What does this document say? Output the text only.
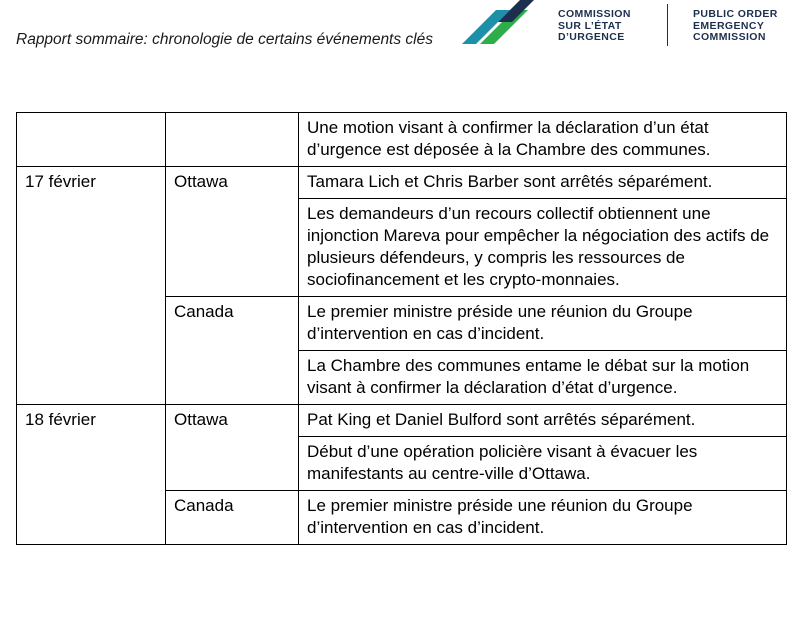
Rapport sommaire: chronologie de certains événements clés
COMMISSION
SUR L’ÉTAT
D’URGENCE
PUBLIC ORDER
EMERGENCY
COMMISSION
		Une motion visant à confirmer la déclaration d’un état d’urgence est déposée à la Chambre des communes.
17 février	Ottawa	Tamara Lich et Chris Barber sont arrêtés séparément.
		Les demandeurs d’un recours collectif obtiennent une injonction Mareva pour empêcher la négociation des actifs de plusieurs défendeurs, y compris les ressources de sociofinancement et les crypto-monnaies.
	Canada	Le premier ministre préside une réunion du Groupe d’intervention en cas d’incident.
		La Chambre des communes entame le débat sur la motion visant à confirmer la déclaration d’état d’urgence.

18 février	Ottawa	Pat King et Daniel Bulford sont arrêtés séparément.
		Début d’une opération policière visant à évacuer les manifestants au centre-ville d’Ottawa.
	Canada	Le premier ministre préside une réunion du Groupe d’intervention en cas d’incident.
